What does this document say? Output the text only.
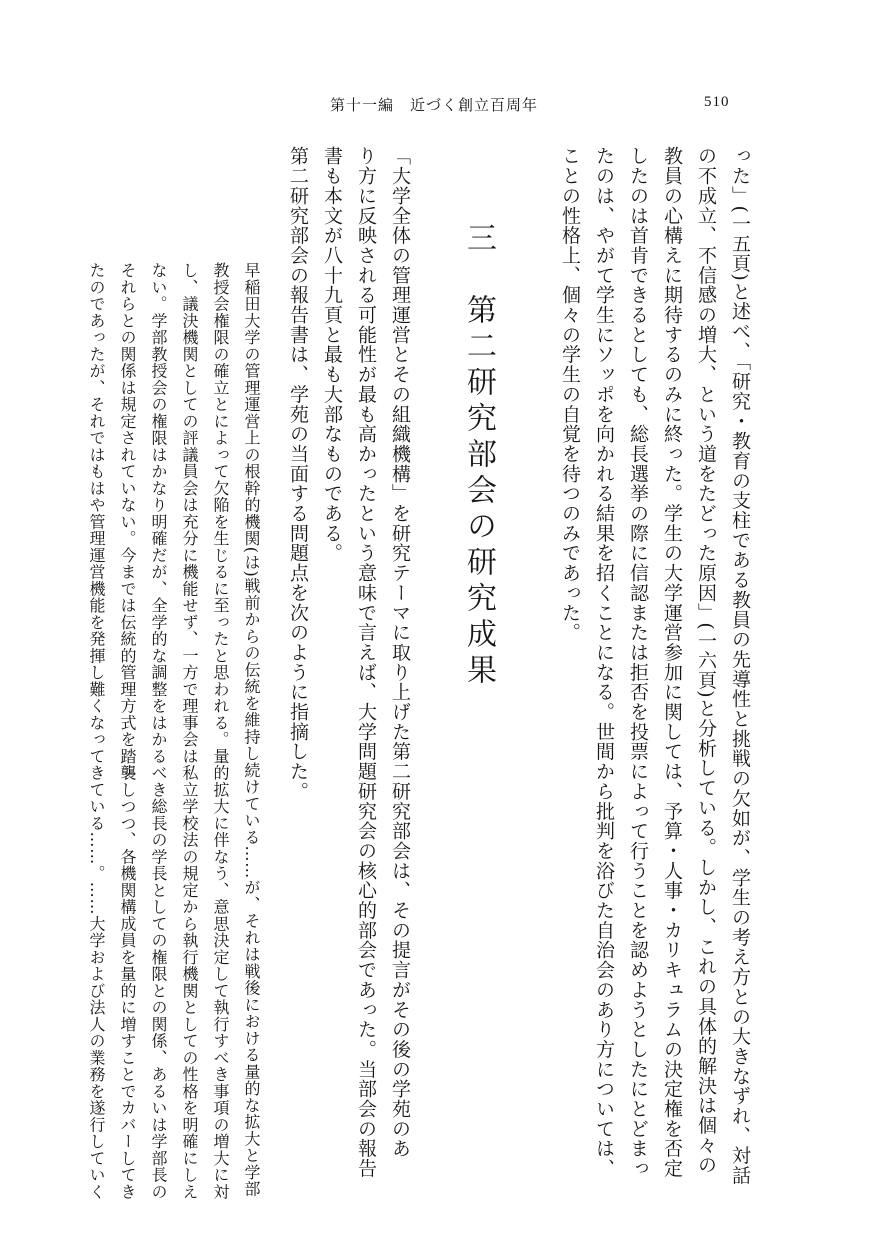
第十一編　近づく創立百周年	510
った」(一五頁)と述べ、「研究・教育の支柱である教員の先導性と挑戦の欠如が、学生の考え方との大きなずれ、対話
の不成立、不信感の増大、という道をたどった原因」(一六頁)と分析している。しかし、これの具体的解決は個々の
教員の心構えに期待するのみに終った。学生の大学運営参加に関しては、予算・人事・カリキュラムの決定権を否定
したのは首肯できるとしても、総長選挙の際に信認または拒否を投票によって行うことを認めようとしたにとどまっ
たのは、やがて学生にソッポを向かれる結果を招くことになる。世間から批判を浴びた自治会のあり方については、
ことの性格上、個々の学生の自覚を待つのみであった。
三　第二研究部会の研究成果
「大学全体の管理運営とその組織機構」を研究テーマに取り上げた第二研究部会は、その提言がその後の学苑のあ
り方に反映される可能性が最も高かったという意味で言えば、大学問題研究会の核心的部会であった。当部会の報告
書も本文が八十九頁と最も大部なものである。
第二研究部会の報告書は、学苑の当面する問題点を次のように指摘した。
早稲田大学の管理運営上の根幹的機関(は)戦前からの伝統を維持し続けている……が、それは戦後における量的な拡大と学部
教授会権限の確立とによって欠陥を生じるに至ったと思われる。量的拡大に伴なう、意思決定して執行すべき事項の増大に対
し、議決機関としての評議員会は充分に機能せず、一方で理事会は私立学校法の規定から執行機関としての性格を明確にしえ
ない。学部教授会の権限はかなり明確だが、全学的な調整をはかるべき総長の学長としての権限との関係、あるいは学部長の
それらとの関係は規定されていない。今までは伝統的管理方式を踏襲しつつ、各機関構成員を量的に増すことでカバーしてき
たのであったが、それではもはや管理運営機能を発揮し難くなってきている……。……大学および法人の業務を遂行していく
